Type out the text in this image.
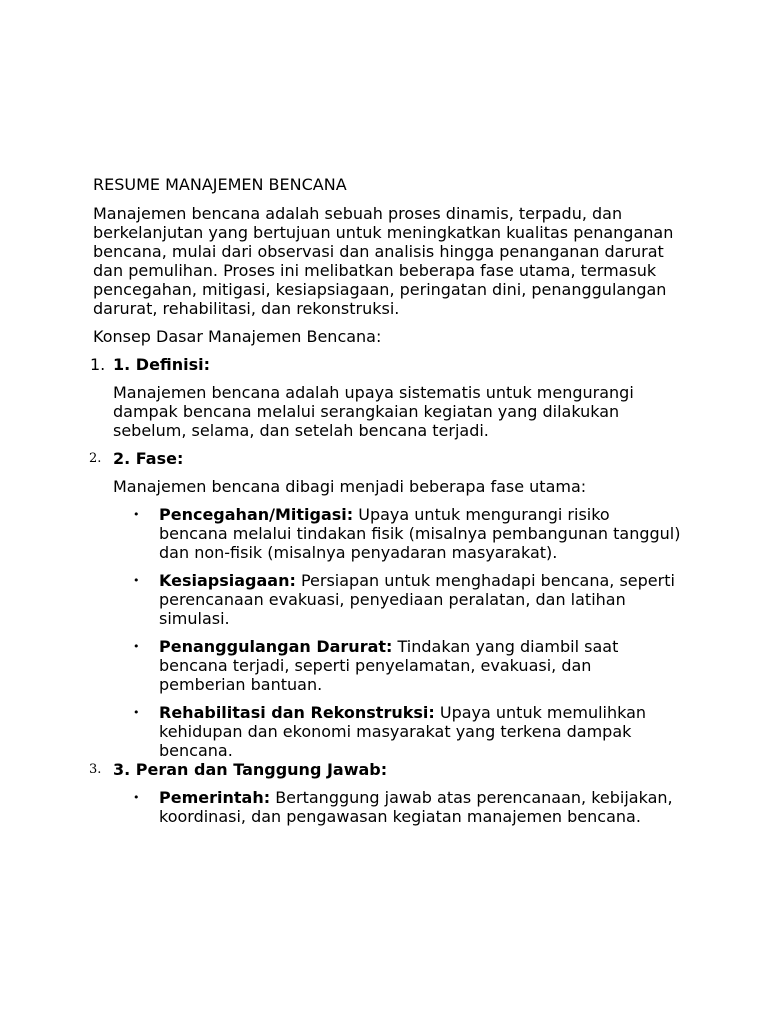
RESUME MANAJEMEN BENCANA

Manajemen bencana adalah sebuah proses dinamis, terpadu, dan berkelanjutan yang bertujuan untuk meningkatkan kualitas penanganan bencana, mulai dari observasi dan analisis hingga penanganan darurat dan pemulihan. Proses ini melibatkan beberapa fase utama, termasuk pencegahan, mitigasi, kesiapsiagaan, peringatan dini, penanggulangan darurat, rehabilitasi, dan rekonstruksi.

Konsep Dasar Manajemen Bencana:

1. 1. Definisi:

Manajemen bencana adalah upaya sistematis untuk mengurangi dampak bencana melalui serangkaian kegiatan yang dilakukan sebelum, selama, dan setelah bencana terjadi.

2. 2. Fase:

Manajemen bencana dibagi menjadi beberapa fase utama:

• Pencegahan/Mitigasi: Upaya untuk mengurangi risiko bencana melalui tindakan fisik (misalnya pembangunan tanggul) dan non-fisik (misalnya penyadaran masyarakat).
• Kesiapsiagaan: Persiapan untuk menghadapi bencana, seperti perencanaan evakuasi, penyediaan peralatan, dan latihan simulasi.
• Penanggulangan Darurat: Tindakan yang diambil saat bencana terjadi, seperti penyelamatan, evakuasi, dan pemberian bantuan.
• Rehabilitasi dan Rekonstruksi: Upaya untuk memulihkan kehidupan dan ekonomi masyarakat yang terkena dampak bencana.
3. 3. Peran dan Tanggung Jawab:

• Pemerintah: Bertanggung jawab atas perencanaan, kebijakan, koordinasi, dan pengawasan kegiatan manajemen bencana.
